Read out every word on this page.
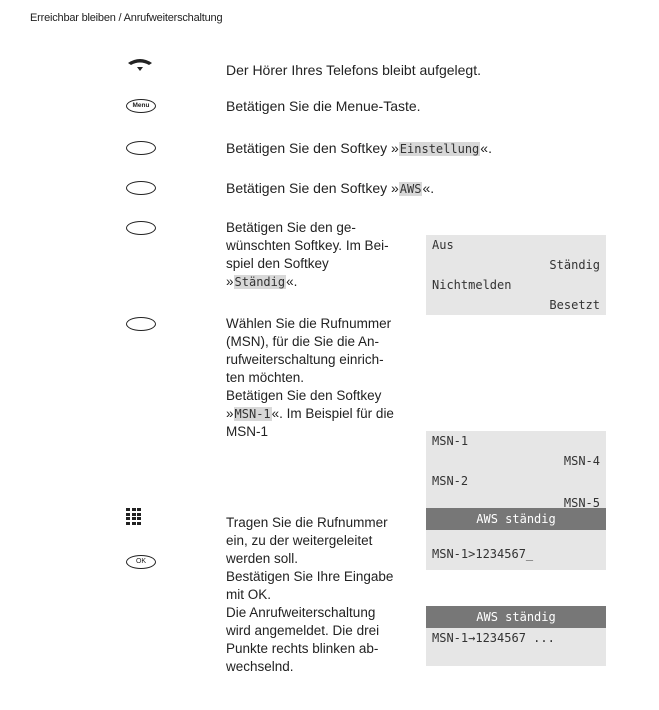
Erreichbar bleiben / Anrufweiterschaltung
Der Hörer Ihres Telefons bleibt aufgelegt.
Menu	Betätigen Sie die Menue-Taste.
Betätigen Sie den Softkey »Einstellung«.
Betätigen Sie den Softkey »AWS«.
Betätigen Sie den ge-
wünschten Softkey. Im Bei-
spiel den Softkey
»Ständig«.
Aus
Ständig
Nichtmelden
Besetzt
Wählen Sie die Rufnummer
(MSN), für die Sie die An-
rufweiterschaltung einrich-
ten möchten.
Betätigen Sie den Softkey
»MSN-1«. Im Beispiel für die
MSN-1
MSN-1
MSN-4
MSN-2
MSN-5
Tragen Sie die Rufnummer
ein, zu der weitergeleitet
werden soll.
Bestätigen Sie Ihre Eingabe
mit OK.
Die Anrufweiterschaltung
wird angemeldet. Die drei
Punkte rechts blinken ab-
wechselnd.
OK
AWS ständig
MSN-1>1234567_
AWS ständig
MSN-1→1234567 ...
